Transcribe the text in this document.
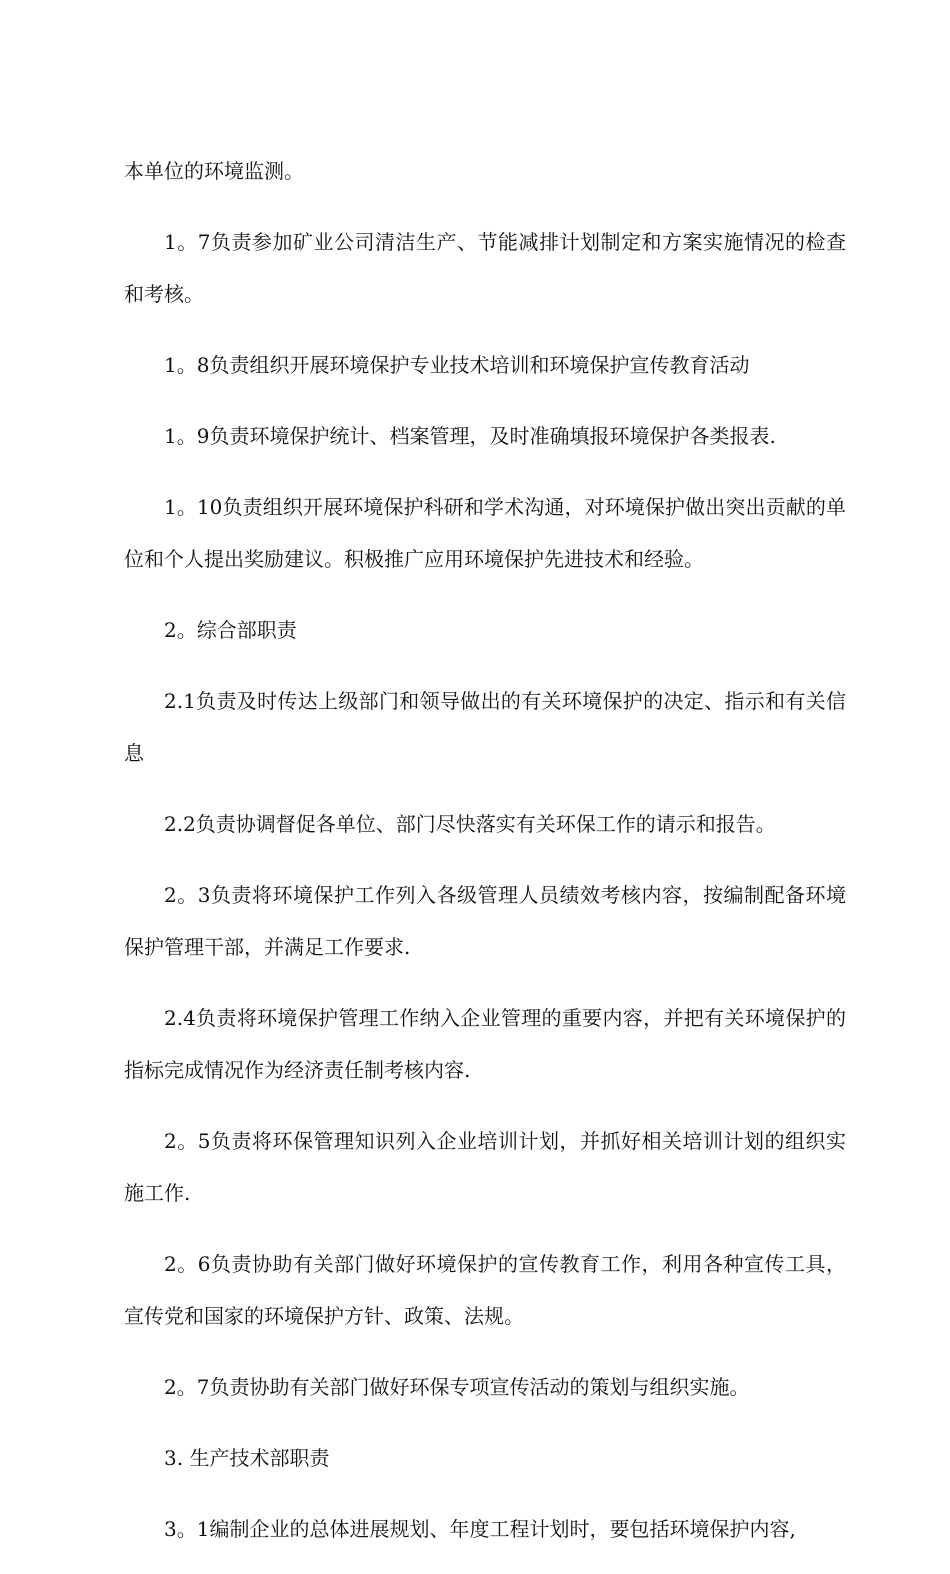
本单位的环境监测。

1。7负责参加矿业公司清洁生产、节能减排计划制定和方案实施情况的检查和考核。

1。8负责组织开展环境保护专业技术培训和环境保护宣传教育活动

1。9负责环境保护统计、档案管理，及时准确填报环境保护各类报表.

1。10负责组织开展环境保护科研和学术沟通，对环境保护做出突出贡献的单位和个人提出奖励建议。积极推广应用环境保护先进技术和经验。

2。综合部职责

2.1负责及时传达上级部门和领导做出的有关环境保护的决定、指示和有关信息

2.2负责协调督促各单位、部门尽快落实有关环保工作的请示和报告。

2。3负责将环境保护工作列入各级管理人员绩效考核内容，按编制配备环境保护管理干部，并满足工作要求.

2.4负责将环境保护管理工作纳入企业管理的重要内容，并把有关环境保护的指标完成情况作为经济责任制考核内容.

2。5负责将环保管理知识列入企业培训计划，并抓好相关培训计划的组织实施工作.

2。6负责协助有关部门做好环境保护的宣传教育工作，利用各种宣传工具，宣传党和国家的环境保护方针、政策、法规。

2。7负责协助有关部门做好环保专项宣传活动的策划与组织实施。

3. 生产技术部职责

3。1编制企业的总体进展规划、年度工程计划时，要包括环境保护内容,
